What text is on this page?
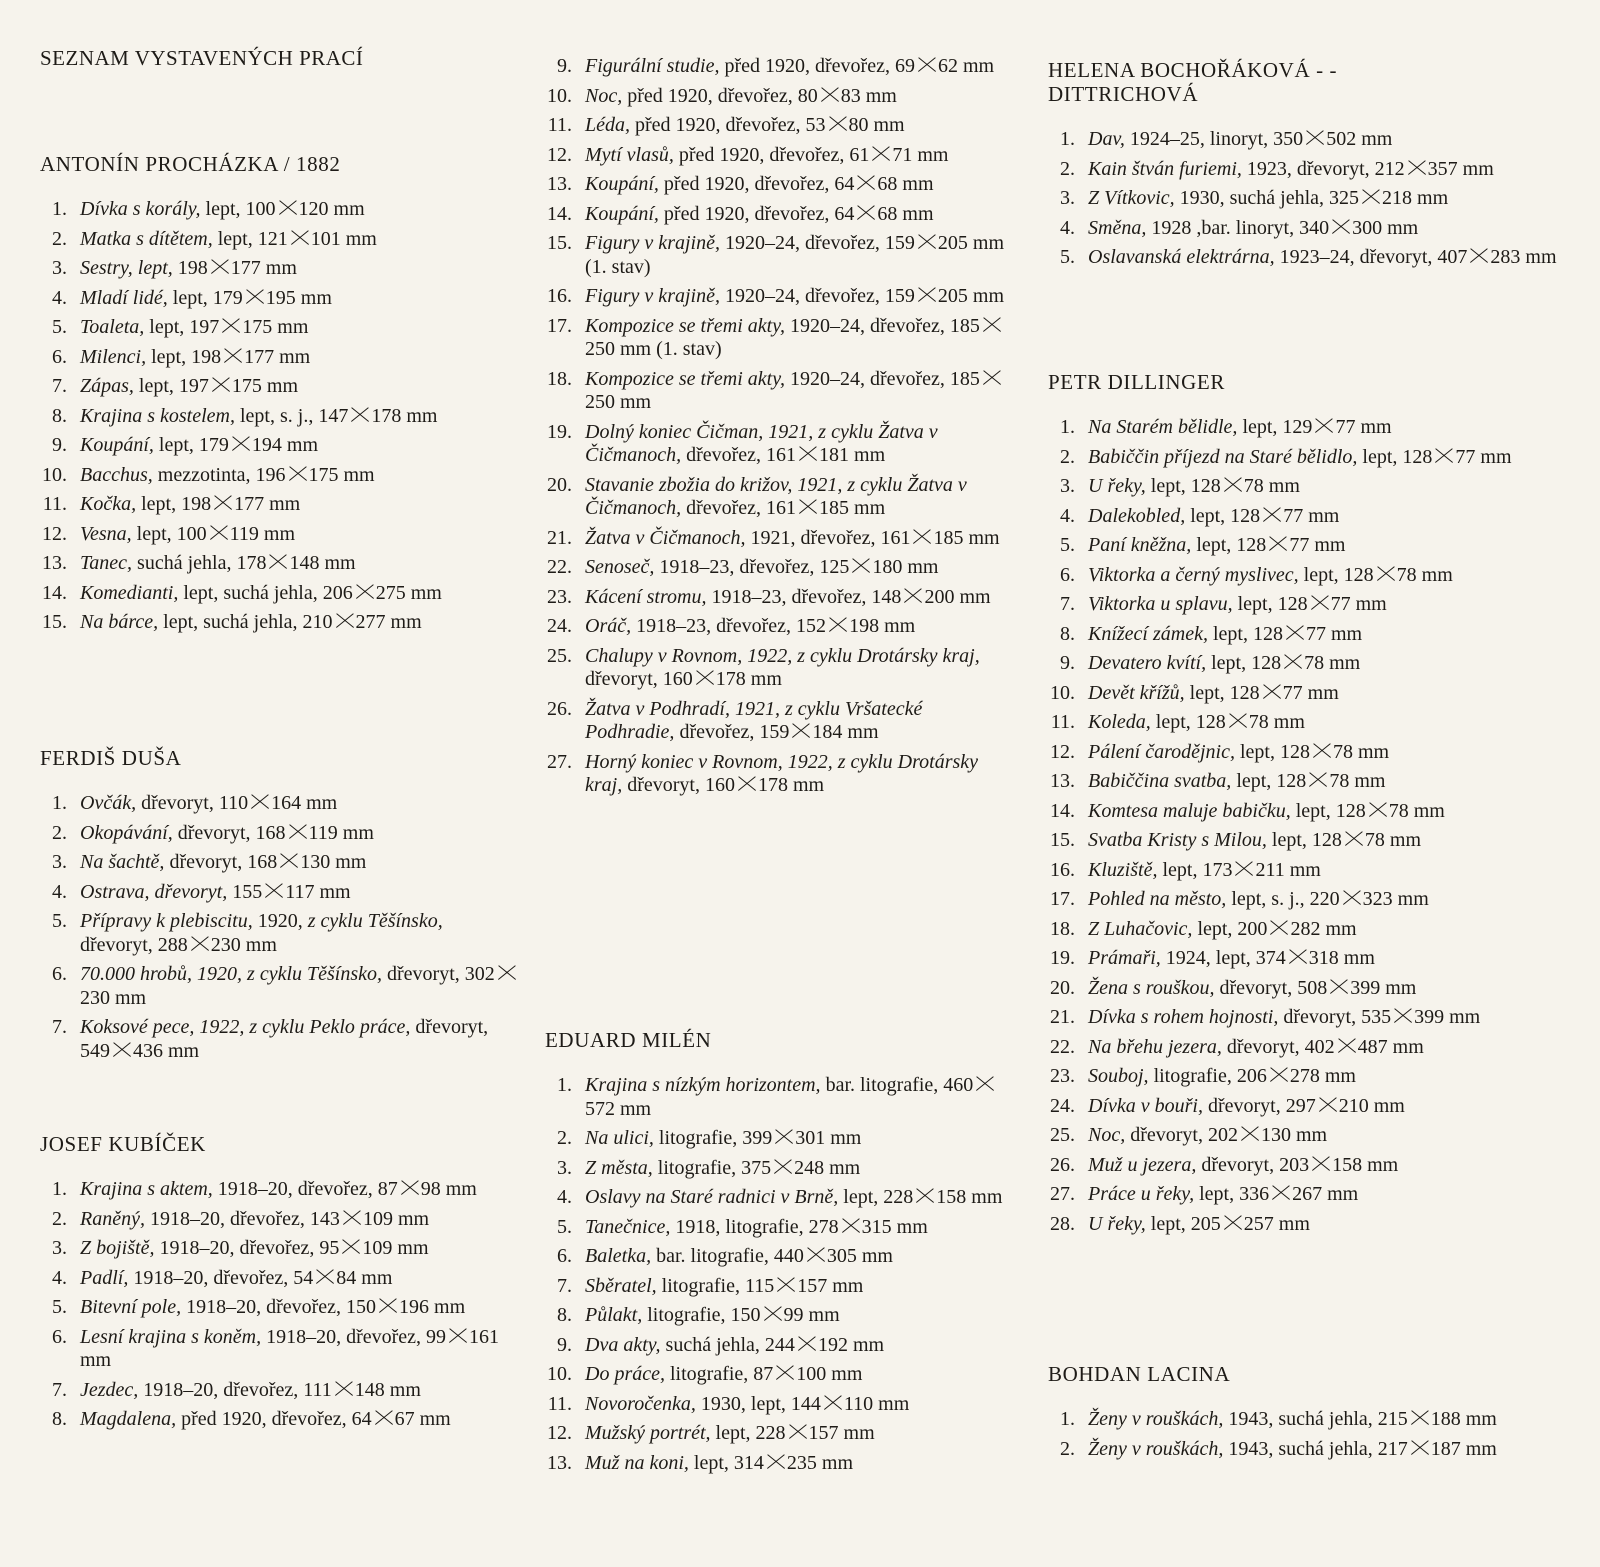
SEZNAM VYSTAVENÝCH PRACÍ
ANTONÍN PROCHÁZKA / 1882
1. Dívka s korály, lept, 100 120 mm
2. Matka s dítětem, lept, 121 101 mm
3. Sestry, lept, 198 177 mm
4. Mladí lidé, lept, 179 195 mm
5. Toaleta, lept, 197 175 mm
6. Milenci, lept, 198 177 mm
7. Zápas, lept, 197 175 mm
8. Krajina s kostelem, lept, s. j., 147 178 mm
9. Koupání, lept, 179 194 mm
10. Bacchus, mezzotinta, 196 175 mm
11. Kočka, lept, 198 177 mm
12. Vesna, lept, 100 119 mm
13. Tanec, suchá jehla, 178 148 mm
14. Komedianti, lept, suchá jehla, 206 275 mm
15. Na bárce, lept, suchá jehla, 210 277 mm
FERDIŠ DUŠA
1. Ovčák, dřevoryt, 110 164 mm
2. Okopávání, dřevoryt, 168 119 mm
3. Na šachtě, dřevoryt, 168 130 mm
4. Ostrava, dřevoryt, 155 117 mm
5. Přípravy k plebiscitu, 1920, z cyklu Těšínsko, dřevoryt, 288 230 mm
6. 70.000 hrobů, 1920, z cyklu Těšínsko, dřevoryt, 302230 mm
7. Koksové pece, 1922, z cyklu Peklo práce, dřevoryt, 549 436 mm
JOSEF KUBÍČEK
1. Krajina s aktem, 1918–20, dřevořez, 87 98 mm
2. Raněný, 1918–20, dřevořez, 143 109 mm
3. Z bojiště, 1918–20, dřevořez, 95 109 mm
4. Padlí, 1918–20, dřevořez, 54 84 mm
5. Bitevní pole, 1918–20, dřevořez, 150 196 mm
6. Lesní krajina s koněm, 1918–20, dřevořez, 99 161 mm
7. Jezdec, 1918–20, dřevořez, 111 148 mm
8. Magdalena, před 1920, dřevořez, 64 67 mm
9. Figurální studie, před 1920, dřevořez, 69 62 mm
10. Noc, před 1920, dřevořez, 80 83 mm
11. Léda, před 1920, dřevořez, 53 80 mm
12. Mytí vlasů, před 1920, dřevořez, 61 71 mm
13. Koupání, před 1920, dřevořez, 64 68 mm
14. Koupání, před 1920, dřevořez, 64 68 mm
15. Figury v krajině, 1920–24, dřevořez, 159 205 mm (1. stav)
16. Figury v krajině, 1920–24, dřevořez, 159 205 mm
17. Kompozice se třemi akty, 1920–24, dřevořez, 185250 mm (1. stav)
18. Kompozice se třemi akty, 1920–24, dřevořez, 185250 mm
19. Dolný koniec Čičman, 1921, z cyklu Žatva v Čičmanoch, dřevořez, 161 181 mm
20. Stavanie zbožia do križov, 1921, z cyklu Žatva v Čičmanoch, dřevořez, 161 185 mm
21. Žatva v Čičmanoch, 1921, dřevořez, 161 185 mm
22. Senoseč, 1918–23, dřevořez, 125 180 mm
23. Kácení stromu, 1918–23, dřevořez, 148 200 mm
24. Oráč, 1918–23, dřevořez, 152 198 mm
25. Chalupy v Rovnom, 1922, z cyklu Drotársky kraj, dřevoryt, 160 178 mm
26. Žatva v Podhradí, 1921, z cyklu Vršatecké Podhradie, dřevořez, 159 184 mm
27. Horný koniec v Rovnom, 1922, z cyklu Drotársky kraj, dřevoryt, 160 178 mm
EDUARD MILÉN
1. Krajina s nízkým horizontem, bar. litografie, 460572 mm
2. Na ulici, litografie, 399 301 mm
3. Z města, litografie, 375 248 mm
4. Oslavy na Staré radnici v Brně, lept, 228 158 mm
5. Tanečnice, 1918, litografie, 278 315 mm
6. Baletka, bar. litografie, 440 305 mm
7. Sběratel, litografie, 115 157 mm
8. Půlakt, litografie, 150 99 mm
9. Dva akty, suchá jehla, 244 192 mm
10. Do práce, litografie, 87 100 mm
11. Novoročenka, 1930, lept, 144 110 mm
12. Mužský portrét, lept, 228 157 mm
13. Muž na koni, lept, 314 235 mm
HELENA BOCHOŘÁKOVÁ - - DITTRICHOVÁ
1. Dav, 1924–25, linoryt, 350 502 mm
2. Kain štván furiemi, 1923, dřevoryt, 212 357 mm
3. Z Vítkovic, 1930, suchá jehla, 325 218 mm
4. Směna, 1928 ,bar. linoryt, 340 300 mm
5. Oslavanská elektrárna, 1923–24, dřevoryt, 407 283 mm
PETR DILLINGER
1. Na Starém bělidle, lept, 129 77 mm
2. Babiččin příjezd na Staré bělidlo, lept, 128 77 mm
3. U řeky, lept, 128 78 mm
4. Dalekobled, lept, 128 77 mm
5. Paní kněžna, lept, 128 77 mm
6. Viktorka a černý myslivec, lept, 128 78 mm
7. Viktorka u splavu, lept, 128 77 mm
8. Knížecí zámek, lept, 128 77 mm
9. Devatero kvítí, lept, 128 78 mm
10. Devět křížů, lept, 128 77 mm
11. Koleda, lept, 128 78 mm
12. Pálení čarodějnic, lept, 128 78 mm
13. Babiččina svatba, lept, 128 78 mm
14. Komtesa maluje babičku, lept, 128 78 mm
15. Svatba Kristy s Milou, lept, 128 78 mm
16. Kluziště, lept, 173 211 mm
17. Pohled na město, lept, s. j., 220 323 mm
18. Z Luhačovic, lept, 200 282 mm
19. Prámaři, 1924, lept, 374 318 mm
20. Žena s rouškou, dřevoryt, 508 399 mm
21. Dívka s rohem hojnosti, dřevoryt, 535 399 mm
22. Na břehu jezera, dřevoryt, 402 487 mm
23. Souboj, litografie, 206 278 mm
24. Dívka v bouři, dřevoryt, 297 210 mm
25. Noc, dřevoryt, 202 130 mm
26. Muž u jezera, dřevoryt, 203 158 mm
27. Práce u řeky, lept, 336 267 mm
28. U řeky, lept, 205 257 mm
BOHDAN LACINA
1. Ženy v rouškách, 1943, suchá jehla, 215 188 mm
2. Ženy v rouškách, 1943, suchá jehla, 217 187 mm
